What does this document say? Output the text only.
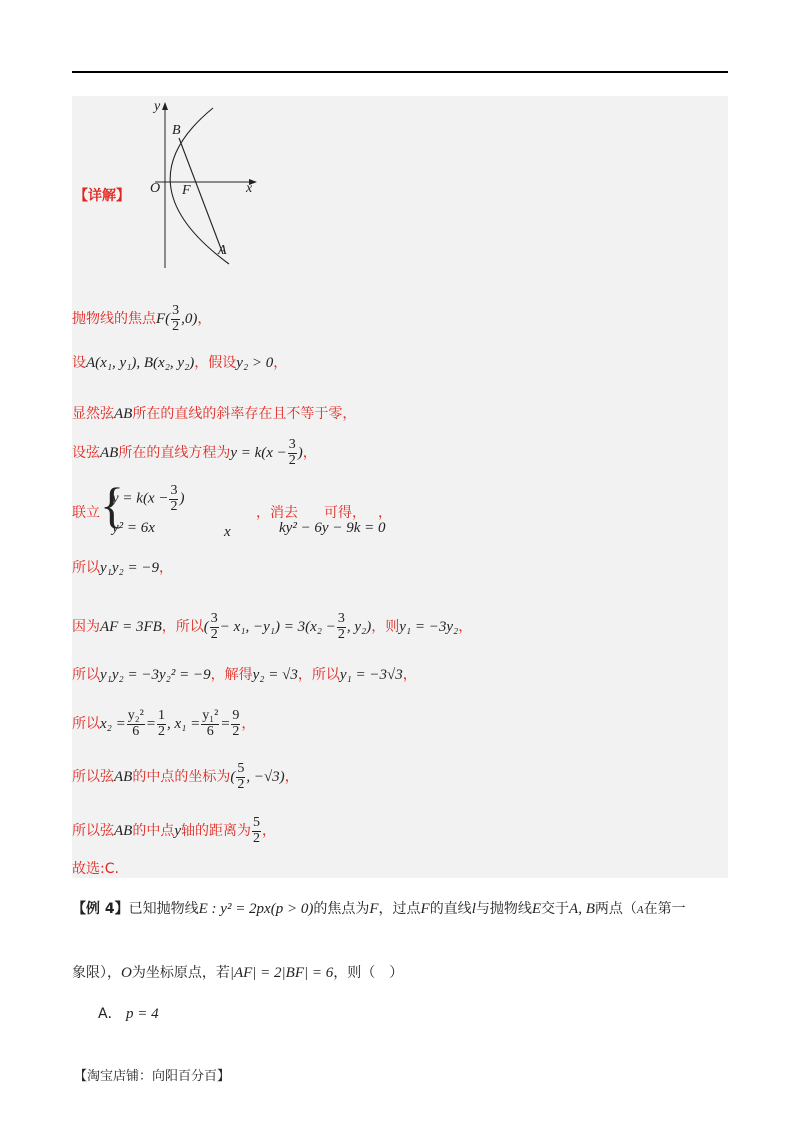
【详解】
y
x
O F
B
A
抛物线的焦点$F( \frac{3}{2} ,0)$，
设A(x₁, y₁), B(x₂, y₂)，假设y₂ > 0，
显然弦AB所在的直线的斜率存在且不等于零，
设弦AB所在的直线方程为$y = k(x - \frac{3}{2}$ )，
联立 {
$y = k(x - \frac{3}{2}$ )
y² = 6x
，消去
x
可得，
ky² − 6y − 9k = 0
，
所以y₁y₂ = −9，
因为AF = 3FB，所以( $\frac{3}{2} - x_1$, $-y_1) = 3(x_2 - \frac{3}{2}$ , y₂)，则y₁ = −3y₂，
所以y₁y₂ = −3y₂² = −9，解得y₂ = √3，所以y₁ = −3√3，
所以$x_2 = \frac{\text{y₂²}}{6} = \frac{1}{2}$ , $x_1 = \frac{\text{y₁²}}{6} = \frac{9}{2}$ ，
所以弦AB的中点的坐标为( $\frac{5}{2}$ , −√3)，
所以弦AB的中点y轴的距离为 $\frac{5}{2}$ ，
故选:C.
【例 4】已知抛物线E : y² = 2px(p > 0)的焦点为F，过点F的直线l与抛物线E交于A, B两点（A在第一
象限），O为坐标原点，若|AF| = 2|BF| = 6，则（　）
A． p = 4
【淘宝店铺：向阳百分百】
